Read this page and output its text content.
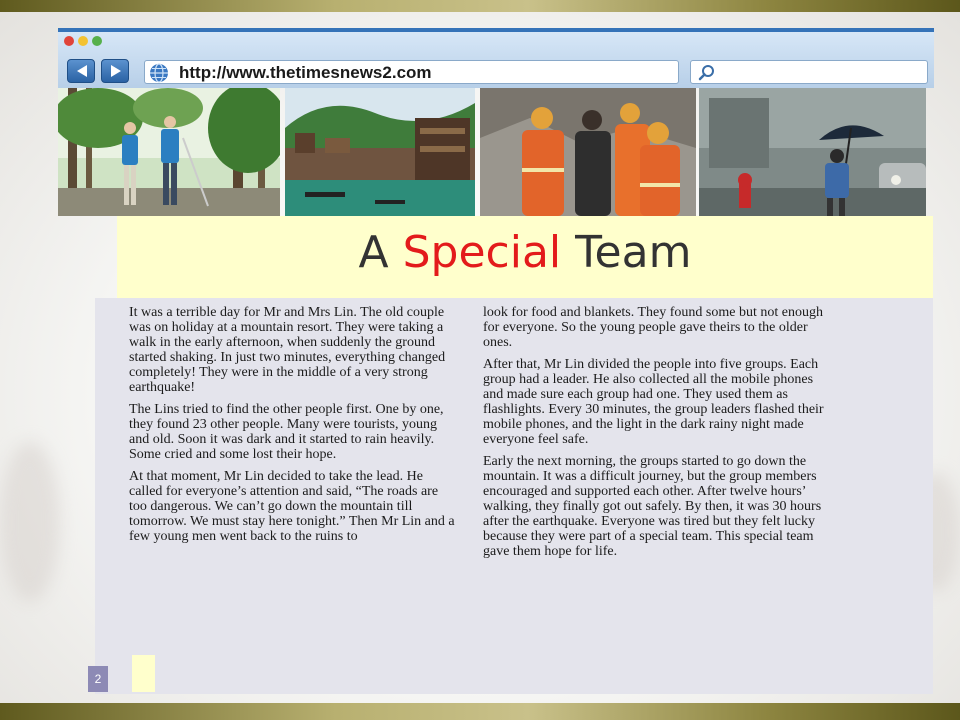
http://www.thetimesnews2.com
A Special Team

It was a terrible day for Mr and Mrs Lin. The old couple was on holiday at a mountain resort. They were taking a walk in the early afternoon, when suddenly the ground started shaking. In just two minutes, everything changed completely! They were in the middle of a very strong earthquake!

The Lins tried to find the other people first. One by one, they found 23 other people. Many were tourists, young and old. Soon it was dark and it started to rain heavily. Some cried and some lost their hope.

At that moment, Mr Lin decided to take the lead. He called for everyone’s attention and said, “The roads are too dangerous. We can’t go down the mountain till tomorrow. We must stay here tonight.” Then Mr Lin and a few young men went back to the ruins to

look for food and blankets. They found some but not enough for everyone. So the young people gave theirs to the older ones.

After that, Mr Lin divided the people into five groups. Each group had a leader. He also collected all the mobile phones and made sure each group had one. They used them as flashlights. Every 30 minutes, the group leaders flashed their mobile phones, and the light in the dark rainy night made everyone feel safe.

Early the next morning, the groups started to go down the mountain. It was a difficult journey, but the group members encouraged and supported each other. After twelve hours’ walking, they finally got out safely. By then, it was 30 hours after the earthquake. Everyone was tired but they felt lucky because they were part of a special team. This special team gave them hope for life.

2
